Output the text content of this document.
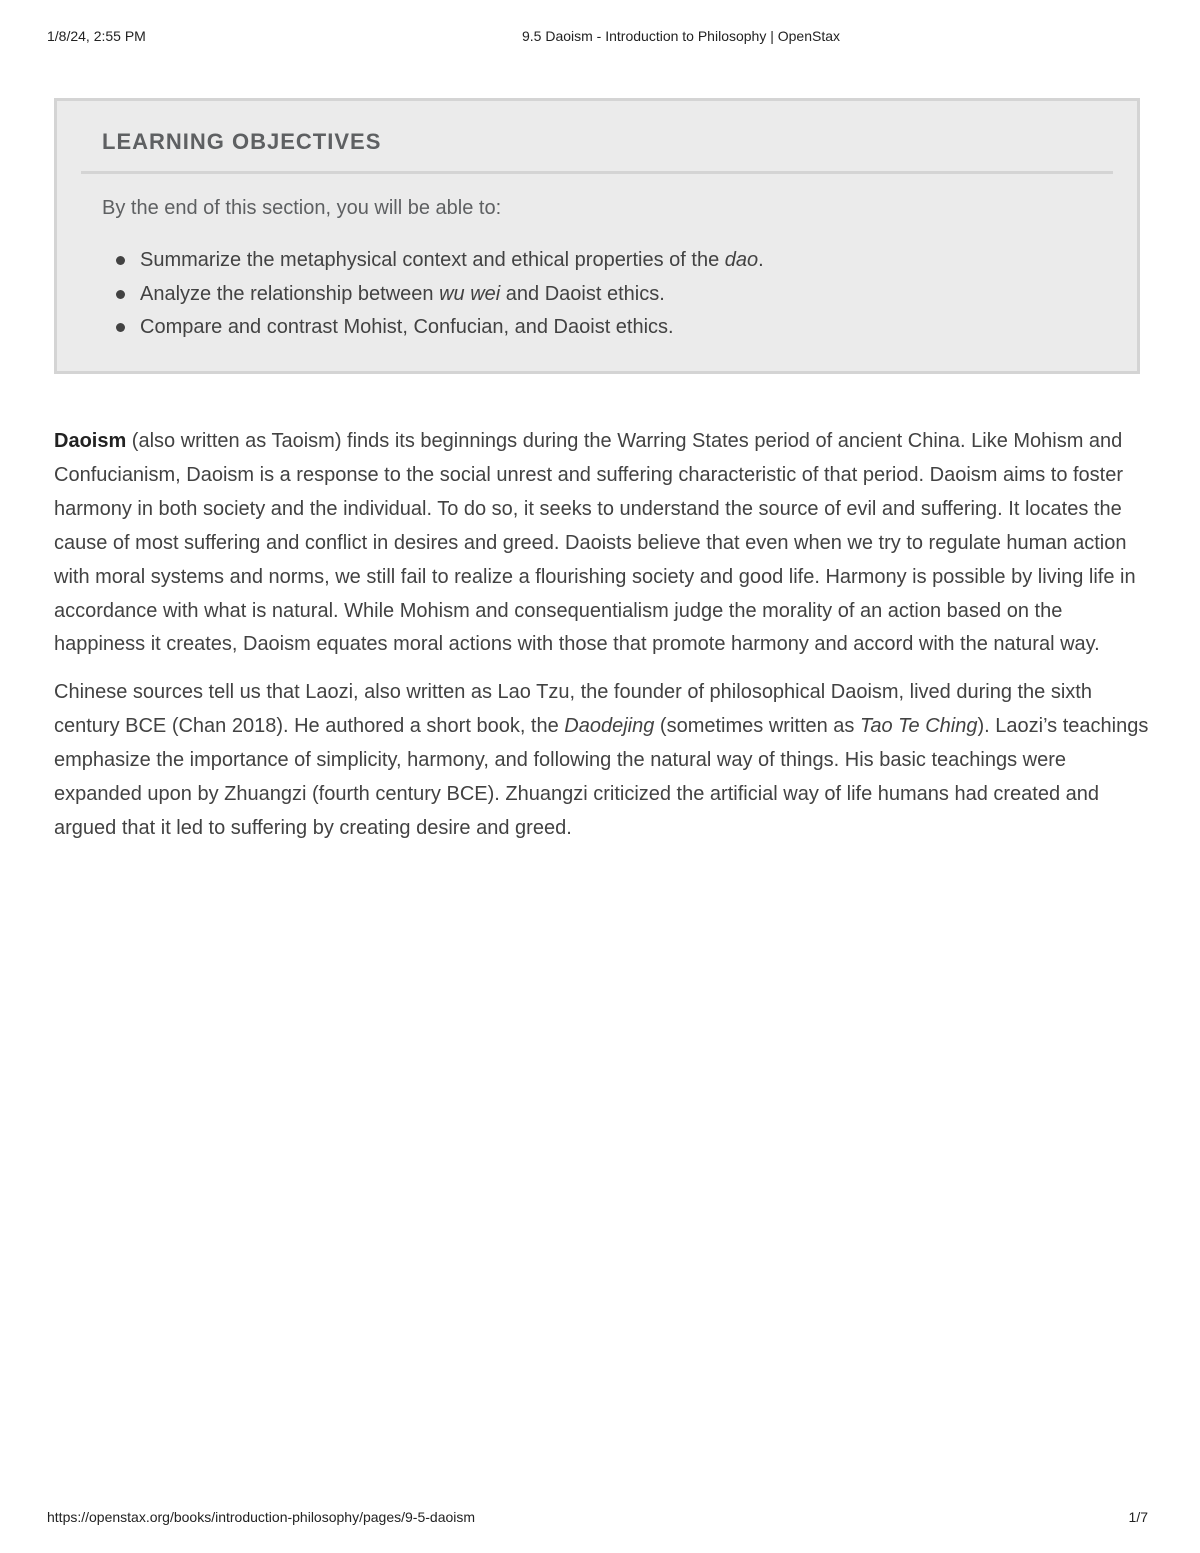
1/8/24, 2:55 PM	9.5 Daoism - Introduction to Philosophy | OpenStax
LEARNING OBJECTIVES

By the end of this section, you will be able to:

Summarize the metaphysical context and ethical properties of the dao.
Analyze the relationship between wu wei and Daoist ethics.
Compare and contrast Mohist, Confucian, and Daoist ethics.

Daoism (also written as Taoism) finds its beginnings during the Warring States period of ancient China. Like Mohism and Confucianism, Daoism is a response to the social unrest and suffering characteristic of that period. Daoism aims to foster harmony in both society and the individual. To do so, it seeks to understand the source of evil and suffering. It locates the cause of most suffering and conflict in desires and greed. Daoists believe that even when we try to regulate human action with moral systems and norms, we still fail to realize a flourishing society and good life. Harmony is possible by living life in accordance with what is natural. While Mohism and consequentialism judge the morality of an action based on the happiness it creates, Daoism equates moral actions with those that promote harmony and accord with the natural way.

Chinese sources tell us that Laozi, also written as Lao Tzu, the founder of philosophical Daoism, lived during the sixth century BCE (Chan 2018). He authored a short book, the Daodejing (sometimes written as Tao Te Ching). Laozi’s teachings emphasize the importance of simplicity, harmony, and following the natural way of things. His basic teachings were expanded upon by Zhuangzi (fourth century BCE). Zhuangzi criticized the artificial way of life humans had created and argued that it led to suffering by creating desire and greed.

https://openstax.org/books/introduction-philosophy/pages/9-5-daoism	1/7
